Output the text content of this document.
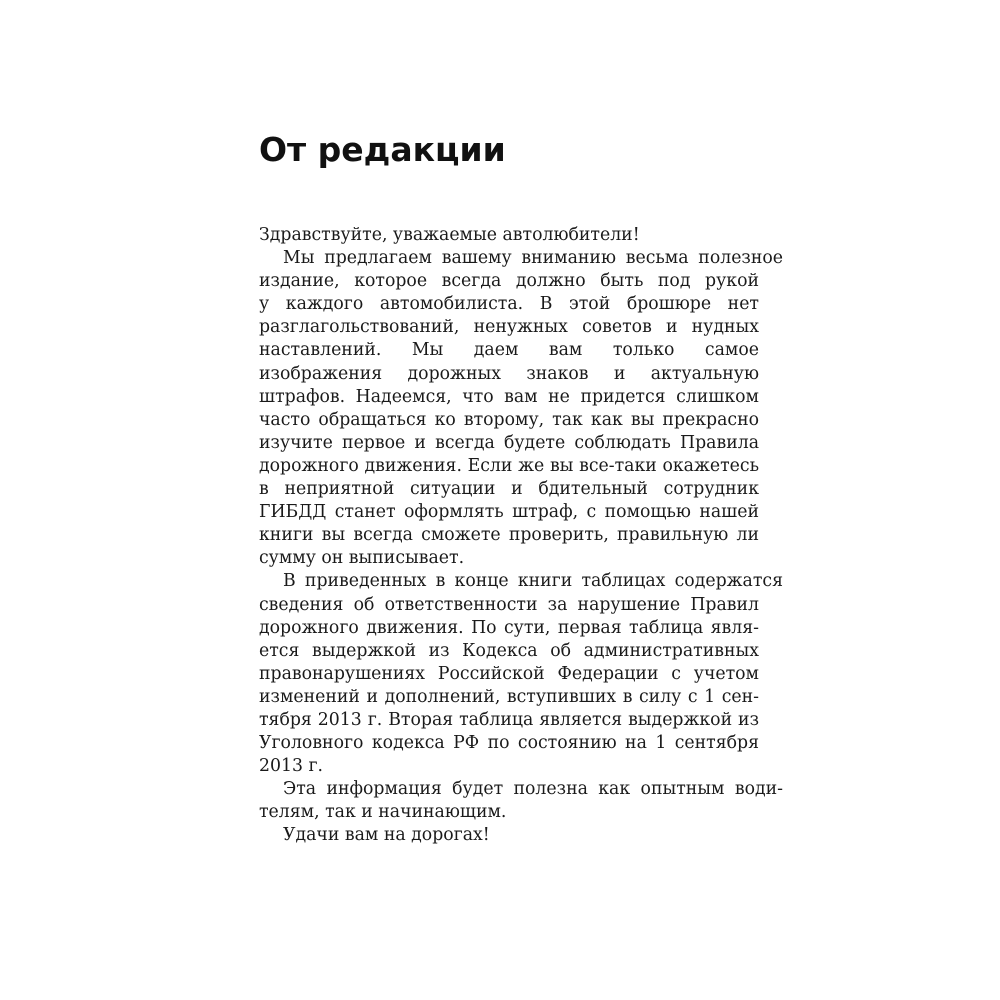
От редакции
Здравствуйте, уважаемые автолюбители!
Мы предлагаем вашему вниманию весьма полезное
издание, которое всегда должно быть под рукой
у каждого автомобилиста. В этой брошюре нет
разглагольствований, ненужных советов и нудных
наставлений. Мы даем вам только самое
изображения дорожных знаков и актуальную
штрафов. Надеемся, что вам не придется слишком
часто обращаться ко второму, так как вы прекрасно
изучите первое и всегда будете соблюдать Правила
дорожного движения. Если же вы все-таки окажетесь
в неприятной ситуации и бдительный сотрудник
ГИБДД станет оформлять штраф, с помощью нашей
книги вы всегда сможете проверить, правильную ли
сумму он выписывает.
В приведенных в конце книги таблицах содержатся
сведения об ответственности за нарушение Правил
дорожного движения. По сути, первая таблица явля-
ется выдержкой из Кодекса об административных
правонарушениях Российской Федерации с учетом
изменений и дополнений, вступивших в силу с 1 сен-
тября 2013 г. Вторая таблица является выдержкой из
Уголовного кодекса РФ по состоянию на 1 сентября
2013 г.
Эта информация будет полезна как опытным води-
телям, так и начинающим.
Удачи вам на дорогах!
